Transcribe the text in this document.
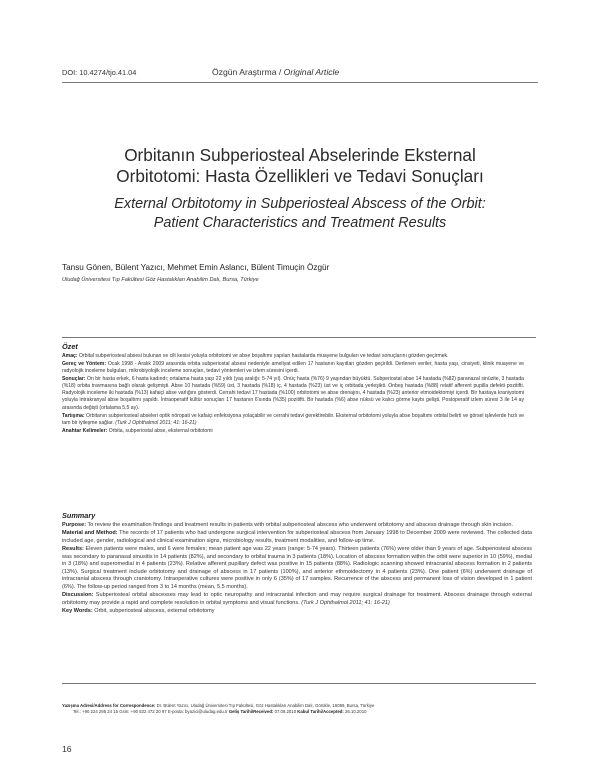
DOI: 10.4274/tjo.41.04	Özgün Araştırma / Original Article
Orbitanın Subperiosteal Abselerinde Eksternal
Orbitotomi: Hasta Özellikleri ve Tedavi Sonuçları
External Orbitotomy in Subperiosteal Abscess of the Orbit:
Patient Characteristics and Treatment Results
Tansu Gönen, Bülent Yazıcı, Mehmet Emin Aslancı, Bülent Timuçin Özgür
Uludağ Üniversitesi Tıp Fakültesi Göz Hastalıkları Anabilim Dalı, Bursa, Türkiye
Özet

Amaç: Orbital subperiosteal absesi bulunan ve cilt kesisi yoluyla orbitotomi ve abse boşaltımı yapılan hastalarda muayene bulguları ve tedavi sonuçlarını gözden geçirmek.

Gereç ve Yöntem: Ocak 1998 - Aralık 2009 arasında orbita subperiostal absesi nedeniyle ameliyat edilen 17 hastanın kayıtları gözden geçirildi. Derlenen veriler, hasta yaşı, cinsiyeti, klinik muayene ve radyolojik inceleme bulguları, mikrobiyolojik inceleme sonuçları, tedavi yöntemleri ve izlem süresini içerdi.

Sonuçlar: On bir hasta erkek, 6 hasta kadındı; ortalama hasta yaşı 22 yıldı (yaş aralığı: 5-74 yıl). Onüç hasta (%76) 9 yaşından büyüktü. Subperiostal abse 14 hastada (%82) paranazal sinüzite, 3 hastada (%18) orbita travmasına bağlı olarak gelişmişti. Abse 10 hastada (%59) üst, 3 hastada (%18) iç, 4 hastada (%23) üst ve iç orbitada yerleşikti. Onbeş hastada (%88) relatif afferent pupilla defekti pozitifti. Radyolojik inceleme iki hastada (%13) kafaiçi abse varlığını gösterdi. Cerrahi tedavi 17 hastada (%100) orbitotomi ve abse drenajını, 4 hastada (%23) anterior etmoidektomiyi içerdi. Bir hastaya kraniyotomi yoluyla intrakranyal abse boşaltımı yapıldı. İntraoperatif kültür sonuçları 17 hastanın 6'sında (%35) pozitifti. Bir hastada (%6) abse nüksü ve kalıcı görme kaybı gelişti. Postoperatif izlem süresi 3 ile 14 ay arasında değişti (ortalama 5,5 ay).

Tartışma: Orbitanın subperiosteal abseleri optik nöropati ve kafaiçi enfeksiyona yolaçabilir ve cerrahi tedavi gerektirebilir. Eksternal orbitotomi yoluyla abse boşaltımı orbital belirti ve görsel işlevlerde hızlı ve tam bir iyileşme sağlar. (Turk J Ophthalmol 2011; 41: 16-21)

Anahtar Kelimeler: Orbita, subperiostal abse, eksternal orbitotomi

Summary

Purpose: To review the examination findings and treatment results in patients with orbital subperiosteal abscess who underwent orbitotomy and abscess drainage through skin incision.

Material and Method: The records of 17 patients who had undergone surgical intervention for subperiosteal abscess from January 1998 to December 2009 were reviewed. The collected data included age, gender, radiological and clinical examination signs, microbiology results, treatment modalities, and follow-up time.

Results: Eleven patients were males, and 6 were females; mean patient age was 22 years (range: 5-74 years). Thirteen patients (76%) were older than 9 years of age. Subperiosteal abscess was secondary to paranasal sinusitis in 14 patients (82%), and secondary to orbital trauma in 3 patients (18%). Location of abscess formation within the orbit were superior in 10 (59%), medial in 3 (18%) and superomedial in 4 patients (23%). Relative afferent pupillary defect was positive in 15 patients (88%). Radiologic scanning showed intracranial abscess formation in 2 patients (13%). Surgical treatment include orbitotomy and drainage of abscess in 17 patients (100%), and anterior ethmoidectomy in 4 patients (23%). One patient (6%) underwent drainage of intracranial abscess through craniotomy. Intraoperative cultures were positive in only 6 (35%) of 17 samples. Recurrence of the abscess and permanent loss of vision developed in 1 patient (6%). The follow-up period ranged from 3 to 14 months (mean, 5.5 months).

Discussion: Subperiosteal orbital abscesses may lead to optic neuropathy and intracranial infection and may require surgical drainage for treatment. Abscess drainage through external orbitotomy may provide a rapid and complete resolution in orbital symptoms and visual functions. (Turk J Ophthalmol 2011; 41: 16-21)

Key Words: Orbit, subperiosteal abscess, external orbitotomy

Yazışma Adresi/Address for Correspondence: Dr. Bülent Yazıcı, Uludağ Üniversitesi Tıp Fakültesi, Göz Hastalıkları Anabilim Dalı, Görükle, 16059, Bursa, Türkiye
Tel.: +90 224 295 24 15 Gsm: +90 532 472 20 97 E-posta: byazici@uludag.edu.tr Geliş Tarihi/Received: 07.08.2010 Kabul Tarihi/Accepted: 26.10.2010
16
